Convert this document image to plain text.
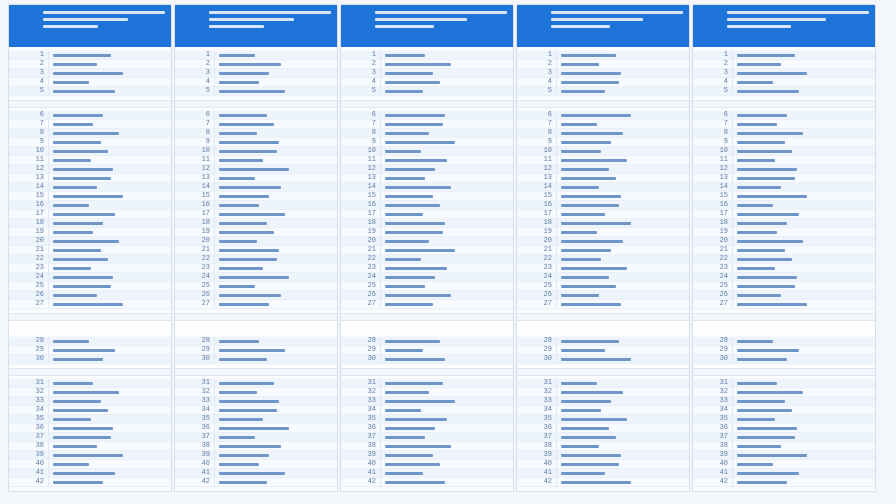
1
2
3
4
5
6
7
8
9
10
11
12
13
14
15
16
17
18
19
20
21
22
23
24
25
26
27
28
29
30
31
32
33
34
35
36
37
38
39
40
41
42
1
2
3
4
5
6
7
8
9
10
11
12
13
14
15
16
17
18
19
20
21
22
23
24
25
26
27
28
29
30
31
32
33
34
35
36
37
38
39
40
41
42
1
2
3
4
5
6
7
8
9
10
11
12
13
14
15
16
17
18
19
20
21
22
23
24
25
26
27
28
29
30
31
32
33
34
35
36
37
38
39
40
41
42
1
2
3
4
5
6
7
8
9
10
11
12
13
14
15
16
17
18
19
20
21
22
23
24
25
26
27
28
29
30
31
32
33
34
35
36
37
38
39
40
41
42
1
2
3
4
5
6
7
8
9
10
11
12
13
14
15
16
17
18
19
20
21
22
23
24
25
26
27
28
29
30
31
32
33
34
35
36
37
38
39
40
41
42
